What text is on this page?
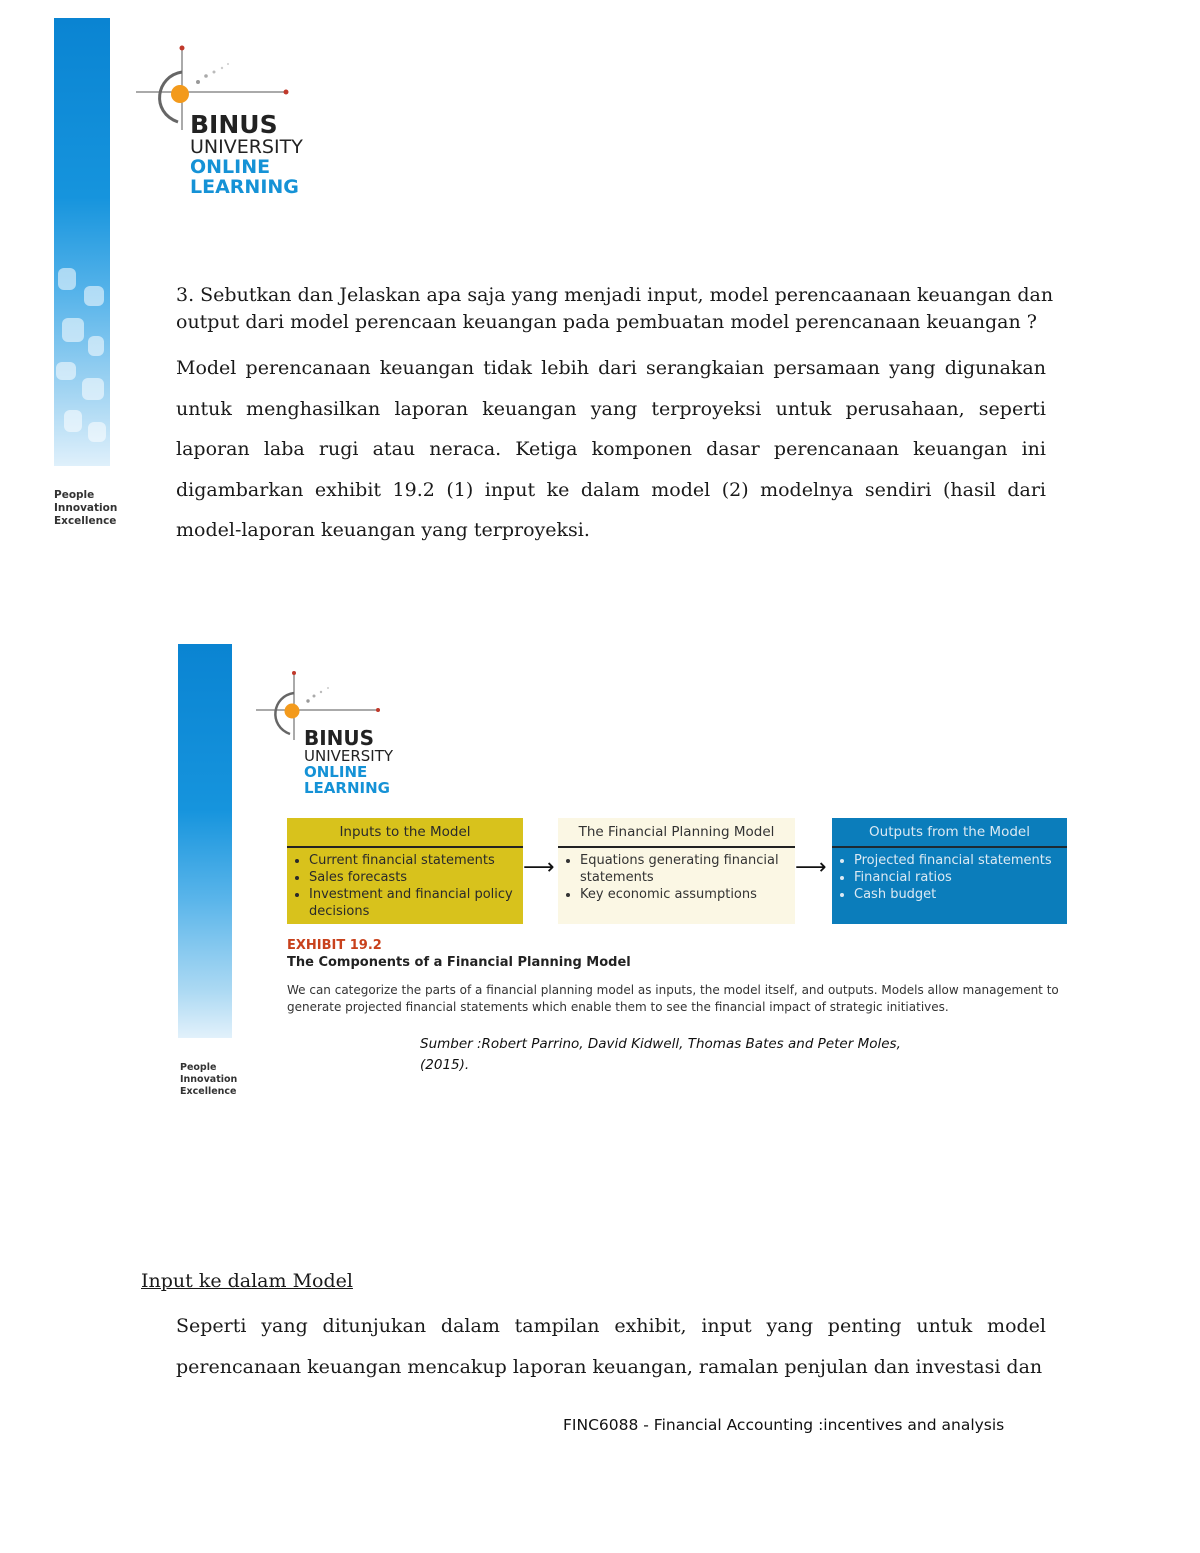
BINUS
UNIVERSITY
ONLINE
LEARNING
People
Innovation
Excellence
3. Sebutkan dan Jelaskan apa saja yang menjadi input, model perencaanaan keuangan dan output dari model perencaan keuangan pada pembuatan model perencanaan keuangan ?
Model perencanaan keuangan tidak lebih dari serangkaian persamaan yang digunakan untuk menghasilkan laporan keuangan yang terproyeksi untuk perusahaan, seperti laporan laba rugi atau neraca. Ketiga komponen dasar perencanaan keuangan ini digambarkan exhibit 19.2 (1) input ke dalam model (2) modelnya sendiri (hasil dari model-laporan keuangan yang terproyeksi.
BINUS
UNIVERSITY
ONLINE
LEARNING
Inputs to the Model
• Current financial statements
• Sales forecasts
• Investment and financial policy decisions
⟶
The Financial Planning Model
• Equations generating financial statements
• Key economic assumptions
⟶
Outputs from the Model
• Projected financial statements
• Financial ratios
• Cash budget
EXHIBIT 19.2
The Components of a Financial Planning Model
We can categorize the parts of a financial planning model as inputs, the model itself, and outputs. Models allow management to generate projected financial statements which enable them to see the financial impact of strategic initiatives.
People
Innovation
Excellence
Sumber :Robert Parrino, David Kidwell, Thomas Bates and Peter Moles, (2015).
Input ke dalam Model
Seperti yang ditunjukan dalam tampilan exhibit, input yang penting untuk model perencanaan keuangan mencakup laporan keuangan, ramalan penjulan dan investasi dan
FINC6088 - Financial Accounting :incentives and analysis
